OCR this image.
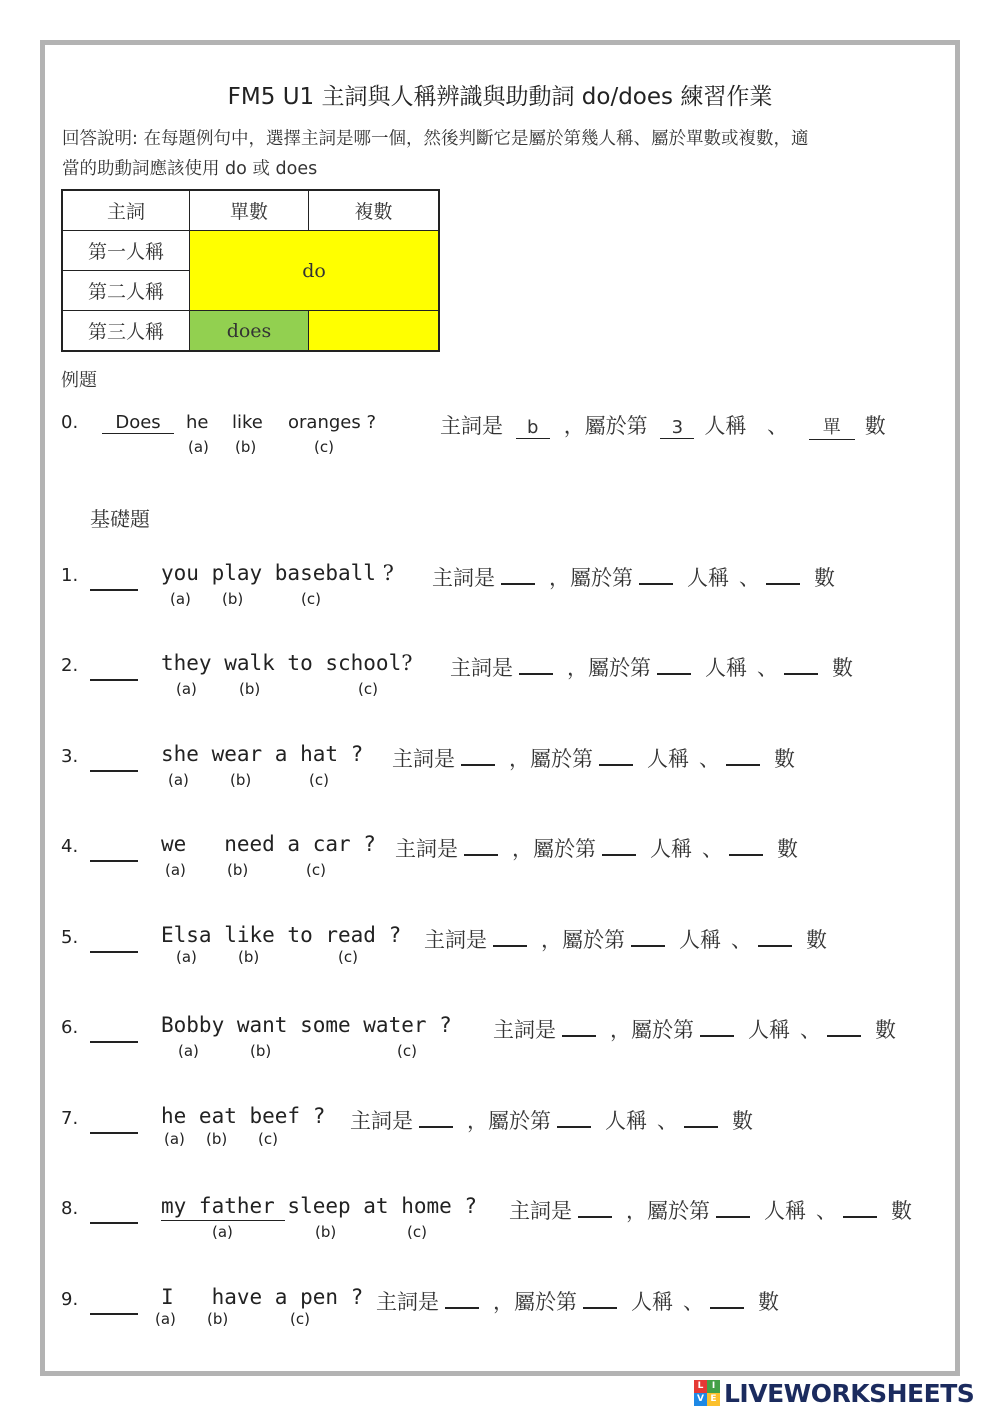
FM5 U1 主詞與人稱辨識與助動詞 do/does 練習作業
回答說明: 在每題例句中，選擇主詞是哪一個，然後判斷它是屬於第幾人稱、屬於單數或複數，適
當的助動詞應該使用 do 或 does
主詞	單數	複數
第一人稱	do	
第二人稱		
第三人稱	does	
例題
0.	Does	he like oranges ?
(a) (b)	(c)
主詞是 b ，屬於第 3 人稱 、 單 數
基礎題
1.	you play baseball ?
(a) (b)	(c)
主詞是	，屬於第	人稱 、	數
2.	they walk to school?
(a)	(b)	(c)
主詞是	，屬於第	人稱 、	數
3.	she wear a hat ?
(a)	(b)	(c)
主詞是	，屬於第	人稱 、	數
4.	we   need a car ?
(a)	(b)	(c)
主詞是	，屬於第	人稱 、	數
5.	Elsa like to read ?
(a)	(b)	(c)
主詞是	，屬於第	人稱 、	數
6.	Bobby want some water ?
(a)	(b)	(c)
主詞是	，屬於第	人稱 、	數
7.	he eat beef ?
(a) (b) (c)
主詞是	，屬於第	人稱 、	數
8.	my father sleep at home ?
(a)	(b)	(c)
主詞是	，屬於第	人稱 、	數
9.	I   have a pen ?
(a) (b)	(c)
主詞是	，屬於第	人稱 、	數
L I
V E LIVEWORKSHEETS
